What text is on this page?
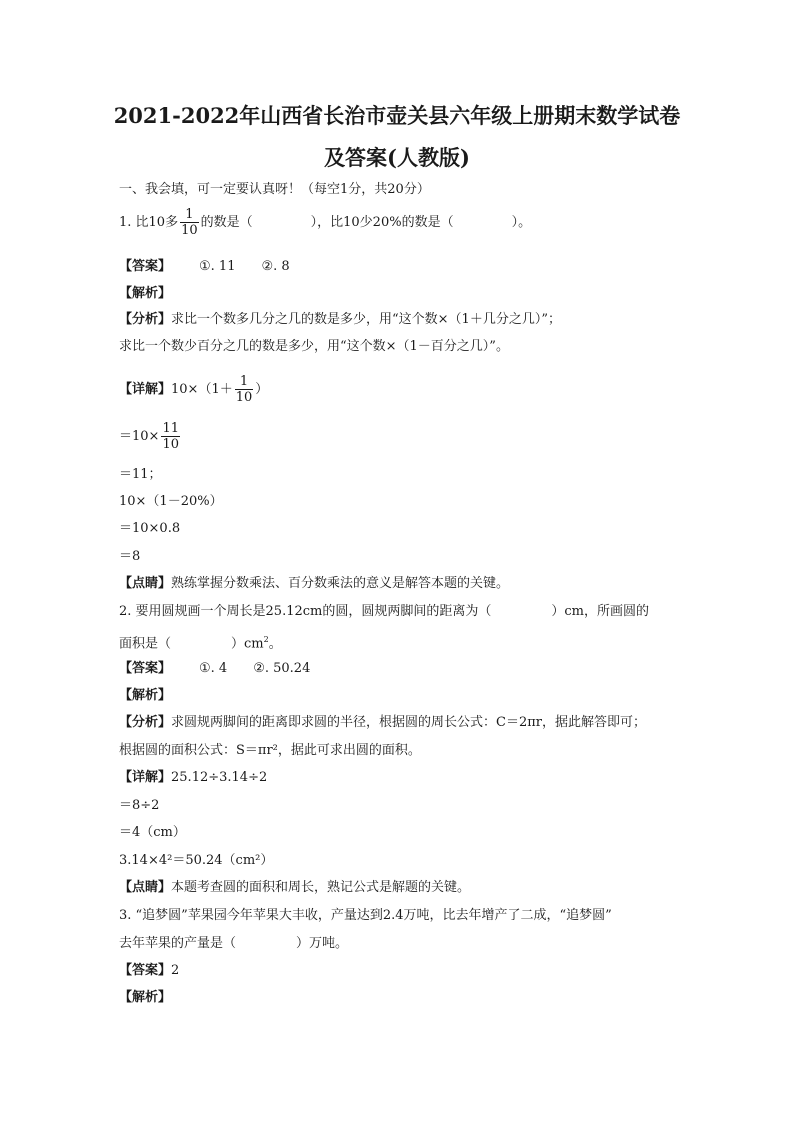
2021-2022年山西省长治市壶关县六年级上册期末数学试卷
及答案(人教版)
一、我会填，可一定要认真呀！（每空1分，共20分）
1. 比10多 $\frac{1}{10}$ 的数是（	），比10少20%的数是（	）。
【答案】 ①. 11 ②. 8
【解析】
【分析】求比一个数多几分之几的数是多少，用“这个数×（1＋几分之几）”；
求比一个数少百分之几的数是多少，用“这个数×（1－百分之几）”。
【详解】$10\times(1+ \frac{1}{10}$ ）
$=10\times \frac{11}{10}$
＝11；
10×（1－20%）
＝10×0.8
＝8
【点睛】熟练掌握分数乘法、百分数乘法的意义是解答本题的关键。
2. 要用圆规画一个周长是25.12cm的圆，圆规两脚间的距离为（	）cm，所画圆的
面积是（	）$cm^2$。
【答案】 ①. 4 ②. 50.24
【解析】
【分析】求圆规两脚间的距离即求圆的半径，根据圆的周长公式：C＝2πr，据此解答即可；
根据圆的面积公式：S＝πr²，据此可求出圆的面积。
【详解】25.12÷3.14÷2
＝8÷2
＝4（cm）
3.14×4²＝50.24（cm²）
【点睛】本题考查圆的面积和周长，熟记公式是解题的关键。
3. “追梦圆”苹果园今年苹果大丰收，产量达到2.4万吨，比去年增产了二成，“追梦圆”
去年苹果的产量是（	）万吨。
【答案】2
【解析】
